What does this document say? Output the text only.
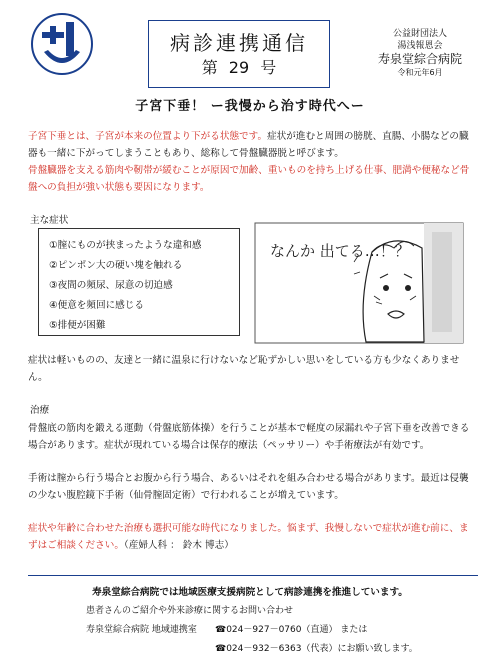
病診連携通信
第 29 号
公益財団法人
湯浅報恩会
寿泉堂綜合病院
令和元年6月
子宮下垂！ ー我慢から治す時代へー
子宮下垂とは、子宮が本来の位置より下がる状態です。症状が進むと周囲の膀胱、直腸、小腸などの臓器も一緒に下がってしまうこともあり、総称して骨盤臓器脱と呼びます。
骨盤臓器を支える筋肉や靭帯が緩むことが原因で加齢、重いものを持ち上げる仕事、肥満や便秘など骨盤への負担が強い状態も要因になります。
主な症状
①膣にものが挟まったような違和感
②ピンポン大の硬い塊を触れる
③夜間の頻尿、尿意の切迫感
④便意を頻回に感じる
⑤排便が困難
なんか 出てる…！？
症状は軽いものの、友達と一緒に温泉に行けないなど恥ずかしい思いをしている方も少なくありません。
治療
骨盤底の筋肉を鍛える運動（骨盤底筋体操）を行うことが基本で軽度の尿漏れや子宮下垂を改善できる場合があります。症状が現れている場合は保存的療法（ペッサリー）や手術療法が有効です。
手術は膣から行う場合とお腹から行う場合、あるいはそれを組み合わせる場合があります。最近は侵襲の少ない腹腔鏡下手術（仙骨膣固定術）で行われることが増えています。
症状や年齢に合わせた治療も選択可能な時代になりました。悩まず、我慢しないで症状が進む前に、まずはご相談ください。（産婦人科 ： 鈴木 博志）
寿泉堂綜合病院では地域医療支援病院として病診連携を推進しています。
患者さんのご紹介や外来診療に関するお問い合わせ
寿泉堂綜合病院 地域連携室 ☎024－927－0760（直通） または
☎024－932－6363（代表）にお願い致します。
